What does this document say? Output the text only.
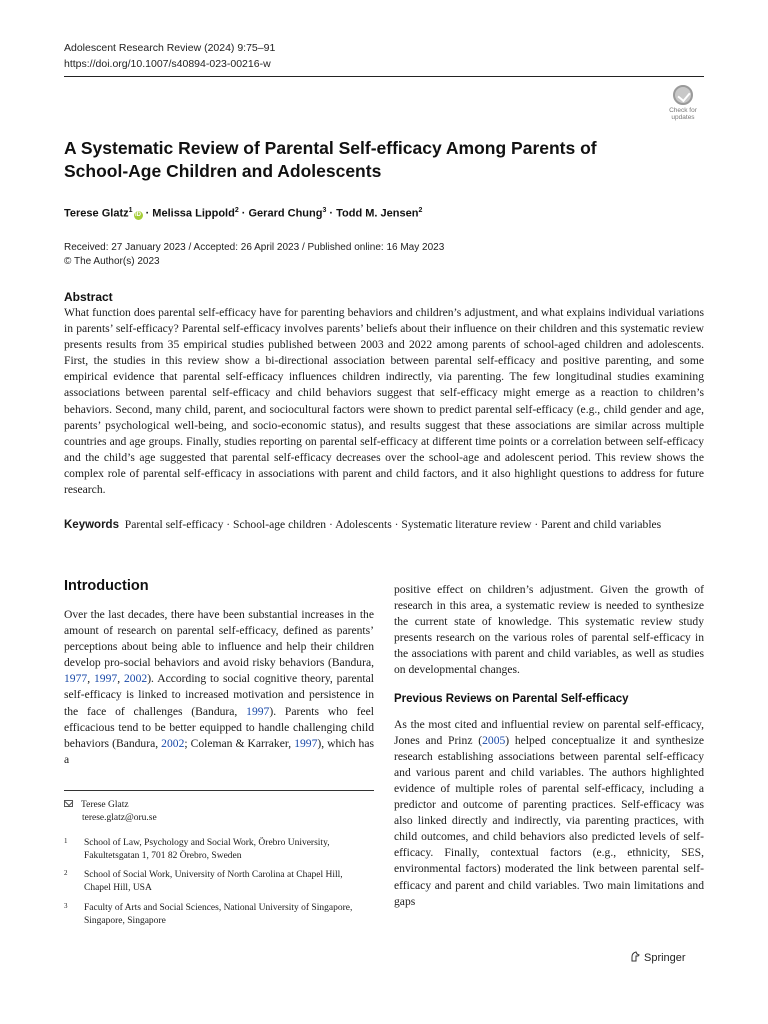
Adolescent Research Review (2024) 9:75–91
https://doi.org/10.1007/s40894-023-00216-w
Check for
updates
A Systematic Review of Parental Self-efficacy Among Parents of School-Age Children and Adolescents
Terese Glatz$^1$iD · Melissa Lippold$^2$ · Gerard Chung$^3$ · Todd M. Jensen$^2$
Received: 27 January 2023 / Accepted: 26 April 2023 / Published online: 16 May 2023
© The Author(s) 2023
Abstract
What function does parental self-efficacy have for parenting behaviors and children’s adjustment, and what explains individual variations in parents’ self-efficacy? Parental self-efficacy involves parents’ beliefs about their influence on their children and this systematic review presents results from 35 empirical studies published between 2003 and 2022 among parents of school-aged children and adolescents. First, the studies in this review show a bi-directional association between parental self-efficacy and positive parenting, and some empirical evidence that parental self-efficacy influences children indirectly, via parenting. The few longitudinal studies examining associations between parental self-efficacy and child behaviors suggest that self-efficacy might emerge as a reaction to children’s behaviors. Second, many child, parent, and sociocultural factors were shown to predict parental self-efficacy (e.g., child gender and age, parents’ psychological well-being, and socio-economic status), and results suggest that these associations are similar across multiple countries and age groups. Finally, studies reporting on parental self-efficacy at different time points or a correlation between self-efficacy and the child’s age suggested that parental self-efficacy decreases over the school-age and adolescent period. This review shows the complex role of parental self-efficacy in associations with parent and child factors, and it also highlight questions to address for future research.
Keywords Parental self-efficacy · School-age children · Adolescents · Systematic literature review · Parent and child variables
Introduction

Over the last decades, there have been substantial increases in the amount of research on parental self-efficacy, defined as parents’ perceptions about being able to influence and help their children develop pro-social behaviors and avoid risky behaviors (Bandura, 1977, 1997, 2002). According to social cognitive theory, parental self-efficacy is linked to increased motivation and persistence in the face of challenges (Bandura, 1997). Parents who feel efficacious tend to be better equipped to handle challenging child behaviors (Bandura, 2002; Coleman & Karraker, 1997), which has a

Terese Glatz
terese.glatz@oru.se
1	School of Law, Psychology and Social Work, Örebro University, Fakultetsgatan 1, 701 82 Örebro, Sweden
2	School of Social Work, University of North Carolina at Chapel Hill, Chapel Hill, USA
3	Faculty of Arts and Social Sciences, National University of Singapore, Singapore, Singapore

positive effect on children’s adjustment. Given the growth of research in this area, a systematic review is needed to synthesize the current state of knowledge. This systematic review study presents research on the various roles of parental self-efficacy in the associations with parent and child variables, as well as studies on developmental changes.

Previous Reviews on Parental Self-efficacy

As the most cited and influential review on parental self-efficacy, Jones and Prinz (2005) helped conceptualize it and synthesize research establishing associations between parental self-efficacy and various parent and child variables. The authors highlighted evidence of multiple roles of parental self-efficacy, including a predictor and outcome of parenting practices. Self-efficacy was also linked directly and indirectly, via parenting practices, with child outcomes, and child behaviors also predicted levels of self-efficacy. Finally, contextual factors (e.g., ethnicity, SES, environmental factors) moderated the link between parental self-efficacy and parent and child variables. Two main limitations and gaps

Springer
